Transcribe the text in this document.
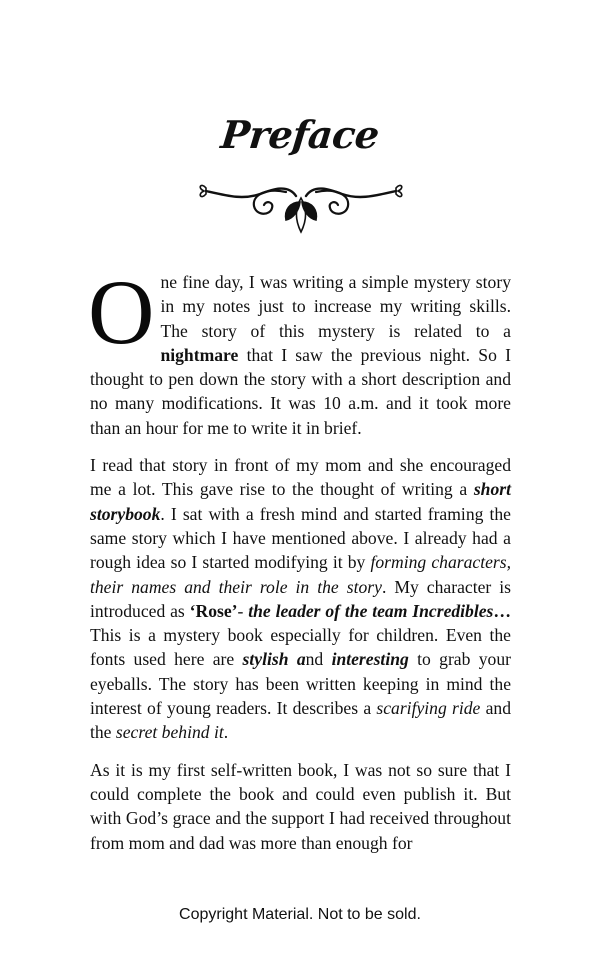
Preface

One fine day, I was writing a simple mystery story in my notes just to increase my writing skills. The story of this mystery is related to a nightmare that I saw the previous night. So I thought to pen down the story with a short description and no many modifications. It was 10 a.m. and it took more than an hour for me to write it in brief.

I read that story in front of my mom and she encouraged me a lot. This gave rise to the thought of writing a short storybook. I sat with a fresh mind and started framing the same story which I have mentioned above. I already had a rough idea so I started modifying it by forming characters, their names and their role in the story. My character is introduced as ‘Rose’- the leader of the team Incredibles…This is a mystery book especially for children. Even the fonts used here are stylish and interesting to grab your eyeballs. The story has been written keeping in mind the interest of young readers. It describes a scarifying ride and the secret behind it.

As it is my first self-written book, I was not so sure that I could complete the book and could even publish it. But with God’s grace and the support I had received throughout from mom and dad was more than enough for

Copyright Material. Not to be sold.
